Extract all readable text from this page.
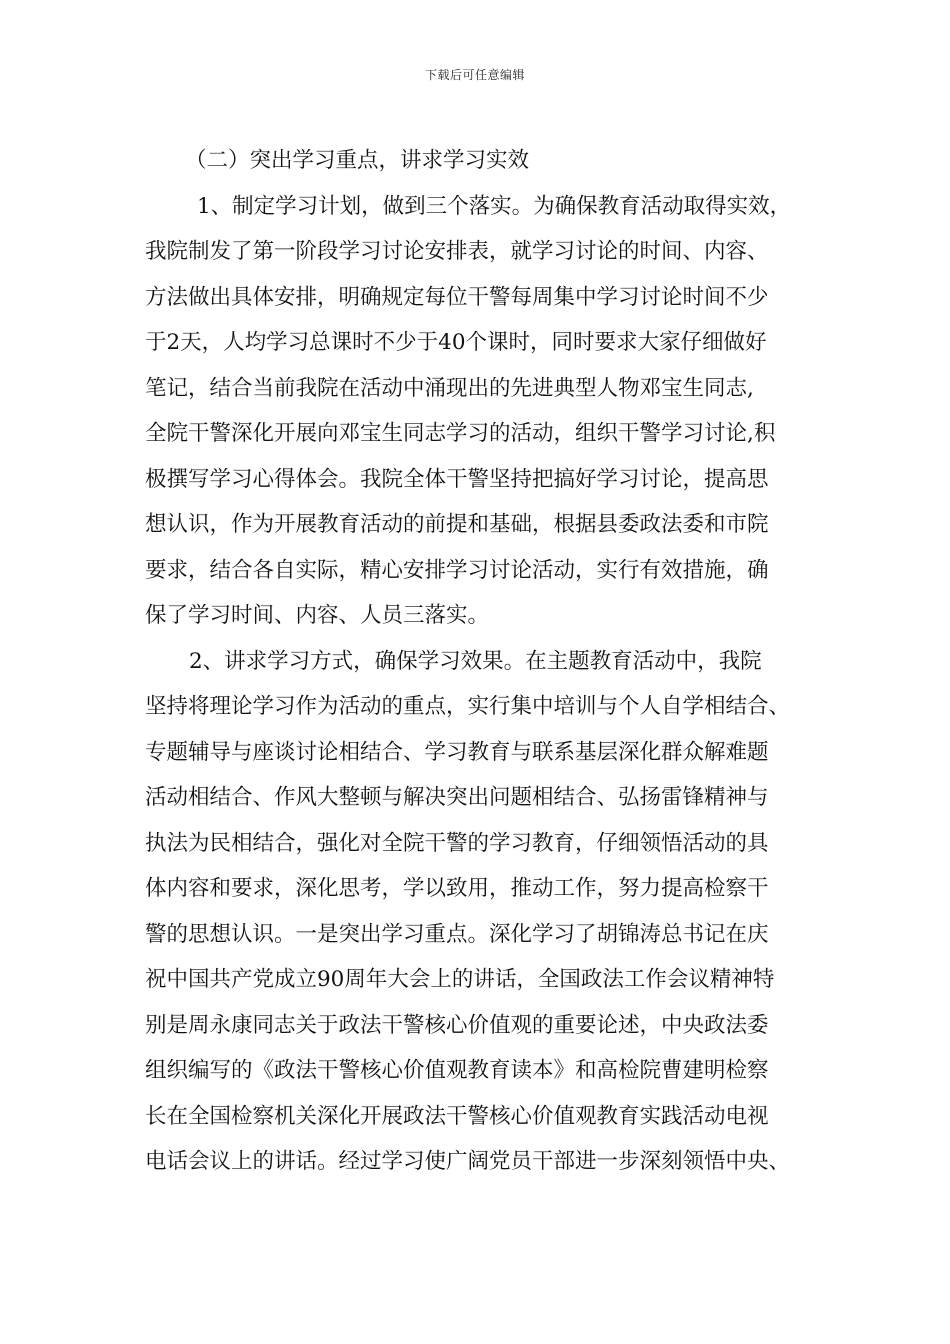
下载后可任意编辑
（二）突出学习重点，讲求学习实效
1、制定学习计划，做到三个落实。为确保教育活动取得实效，
我院制发了第一阶段学习讨论安排表，就学习讨论的时间、内容、
方法做出具体安排，明确规定每位干警每周集中学习讨论时间不少
于2天，人均学习总课时不少于40个课时，同时要求大家仔细做好
笔记，结合当前我院在活动中涌现出的先进典型人物邓宝生同志,
全院干警深化开展向邓宝生同志学习的活动，组织干警学习讨论,积
极撰写学习心得体会。我院全体干警坚持把搞好学习讨论，提高思
想认识，作为开展教育活动的前提和基础，根据县委政法委和市院
要求，结合各自实际，精心安排学习讨论活动，实行有效措施，确
保了学习时间、内容、人员三落实。
2、讲求学习方式，确保学习效果。在主题教育活动中，我院
坚持将理论学习作为活动的重点，实行集中培训与个人自学相结合、
专题辅导与座谈讨论相结合、学习教育与联系基层深化群众解难题
活动相结合、作风大整顿与解决突出问题相结合、弘扬雷锋精神与
执法为民相结合，强化对全院干警的学习教育，仔细领悟活动的具
体内容和要求，深化思考，学以致用，推动工作，努力提高检察干
警的思想认识。一是突出学习重点。深化学习了胡锦涛总书记在庆
祝中国共产党成立90周年大会上的讲话，全国政法工作会议精神特
别是周永康同志关于政法干警核心价值观的重要论述，中央政法委
组织编写的《政法干警核心价值观教育读本》和高检院曹建明检察
长在全国检察机关深化开展政法干警核心价值观教育实践活动电视
电话会议上的讲话。经过学习使广阔党员干部进一步深刻领悟中央、
